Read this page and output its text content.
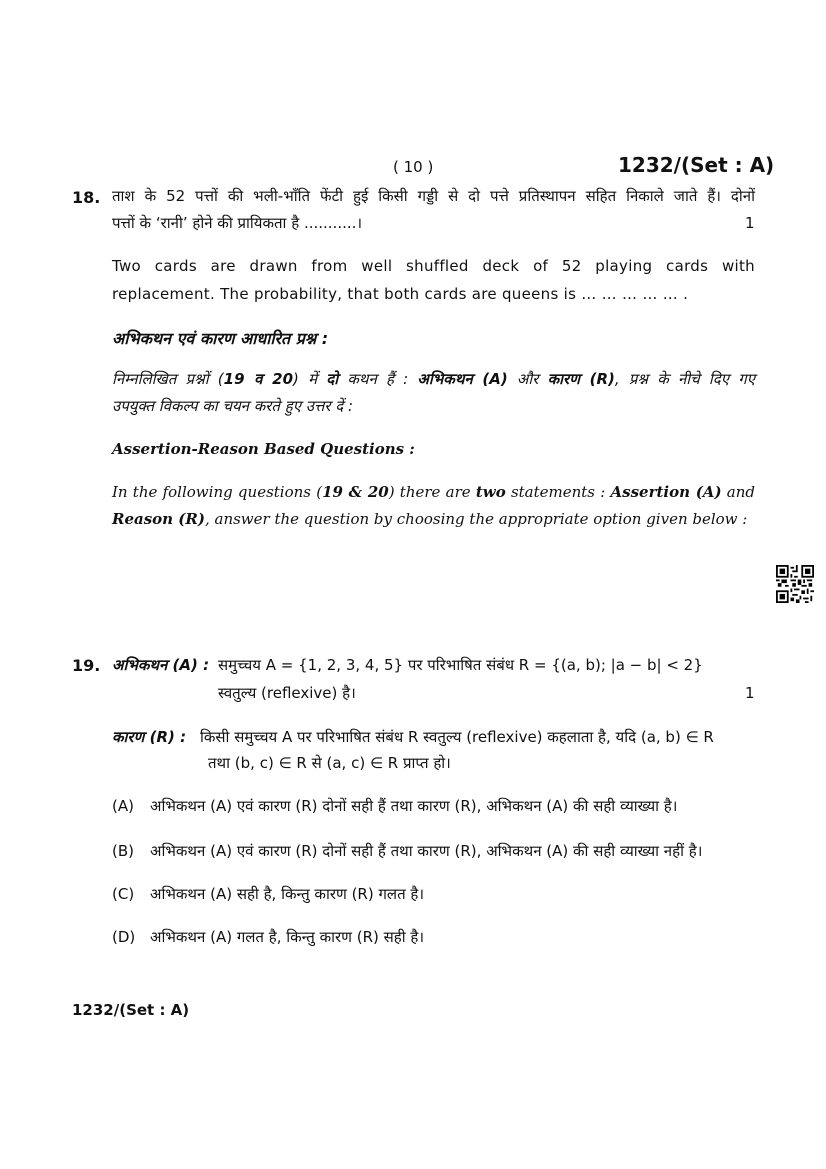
( 10 )	1232/(Set : A)
18. ताश के 52 पत्तों की भली-भाँति फेंटी हुई किसी गड्डी से दो पत्ते प्रतिस्थापन सहित निकाले जाते हैं। दोनों
पत्तों के ‘रानी’ होने की प्रायिकता है ...........।	1
Two cards are drawn from well shuffled deck of 52 playing cards with
replacement. The probability, that both cards are queens is … … … … … .
अभिकथन एवं कारण आधारित प्रश्न :
निम्नलिखित प्रश्नों (19 व 20) में दो कथन हैं : अभिकथन (A) और कारण (R), प्रश्न के नीचे दिए गए
उपयुक्त विकल्प का चयन करते हुए उत्तर दें :
Assertion-Reason Based Questions :
In the following questions (19 & 20) there are two statements : Assertion (A) and
Reason (R), answer the question by choosing the appropriate option given below :
19. अभिकथन (A) : समुच्चय A = {1, 2, 3, 4, 5} पर परिभाषित संबंध R = {(a, b); |a − b| < 2}
स्वतुल्य (reflexive) है।	1
कारण (R) : किसी समुच्चय A पर परिभाषित संबंध R स्वतुल्य (reflexive) कहलाता है, यदि (a, b) ∈ R
तथा (b, c) ∈ R से (a, c) ∈ R प्राप्त हो।
(A) अभिकथन (A) एवं कारण (R) दोनों सही हैं तथा कारण (R), अभिकथन (A) की सही व्याख्या है।
(B) अभिकथन (A) एवं कारण (R) दोनों सही हैं तथा कारण (R), अभिकथन (A) की सही व्याख्या नहीं है।
(C) अभिकथन (A) सही है, किन्तु कारण (R) गलत है।
(D) अभिकथन (A) गलत है, किन्तु कारण (R) सही है।
1232/(Set : A)
